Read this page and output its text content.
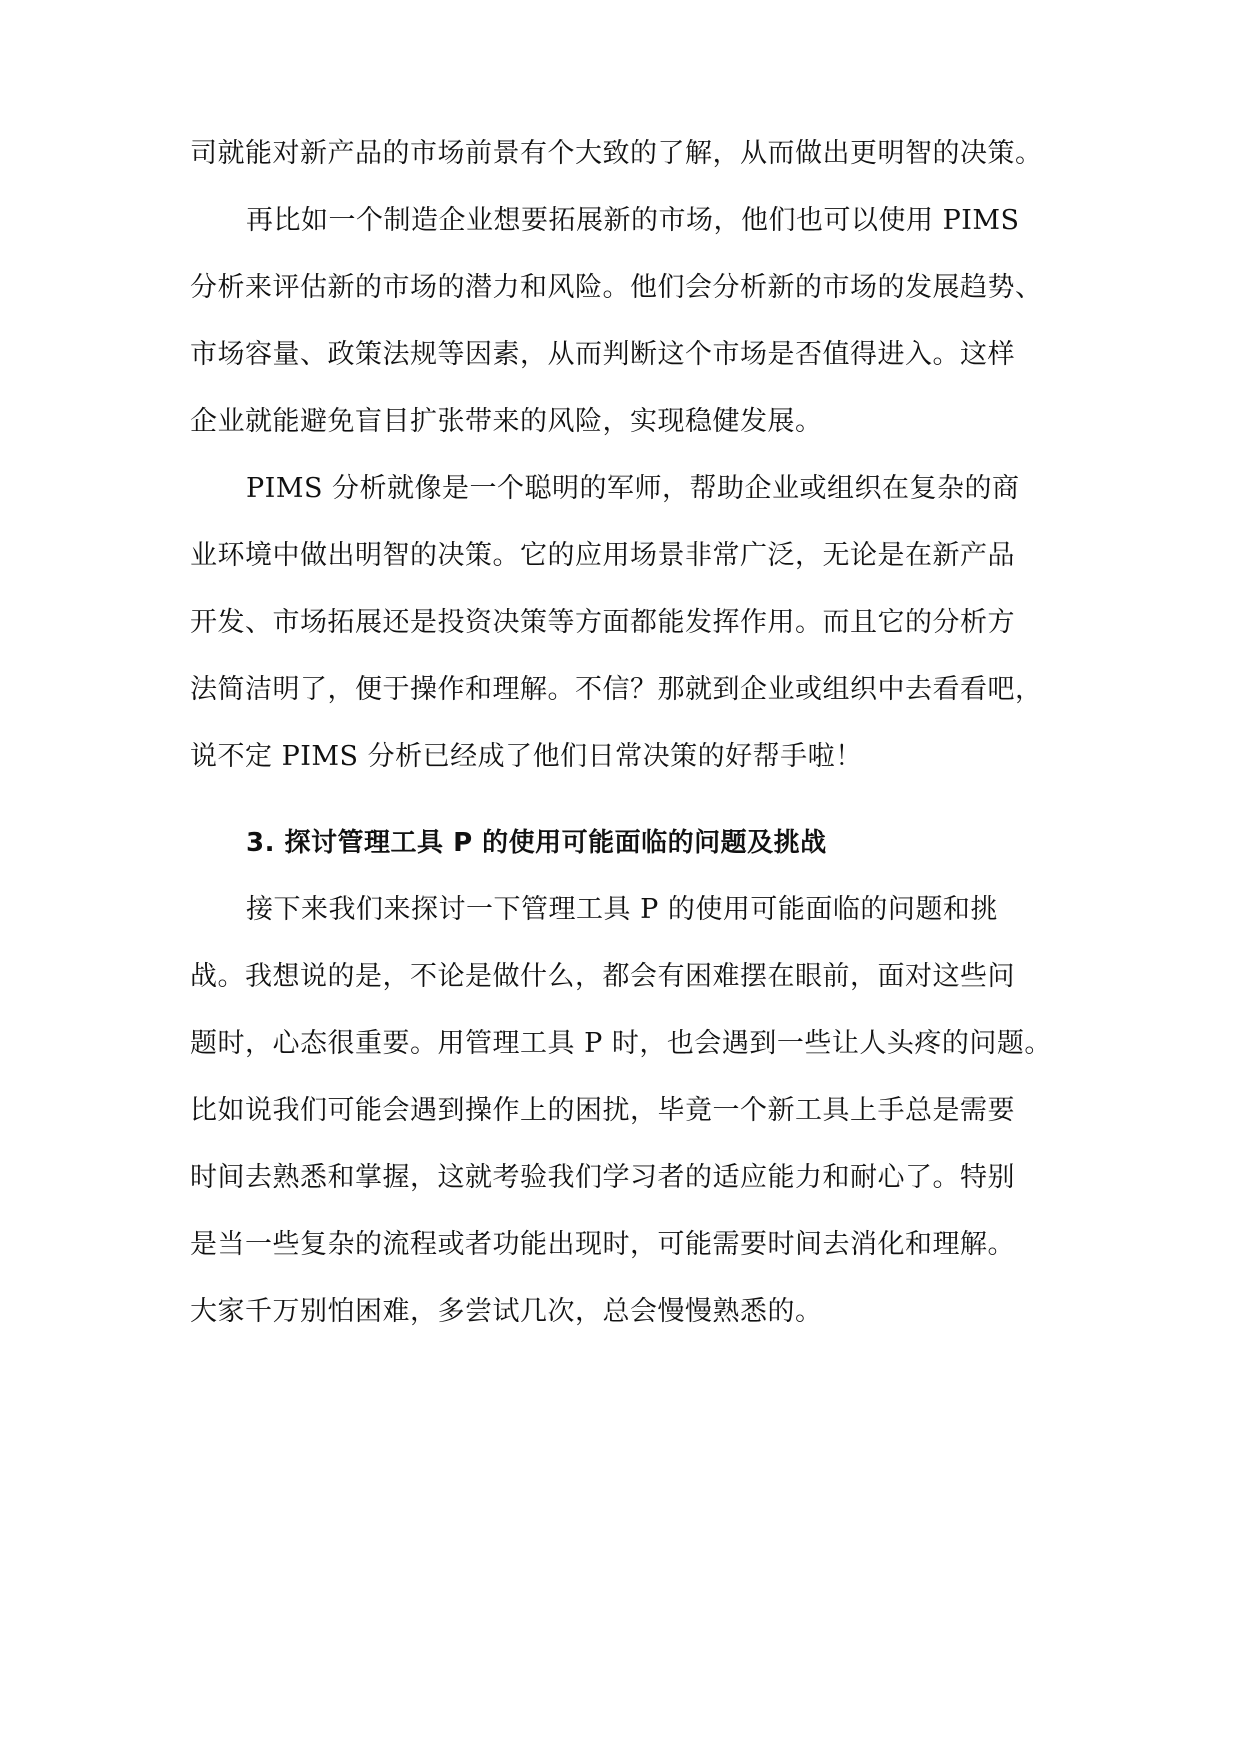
司就能对新产品的市场前景有个大致的了解，从而做出更明智的决策。
再比如一个制造企业想要拓展新的市场，他们也可以使用 PIMS
分析来评估新的市场的潜力和风险。他们会分析新的市场的发展趋势、
市场容量、政策法规等因素，从而判断这个市场是否值得进入。这样
企业就能避免盲目扩张带来的风险，实现稳健发展。
PIMS 分析就像是一个聪明的军师，帮助企业或组织在复杂的商
业环境中做出明智的决策。它的应用场景非常广泛，无论是在新产品
开发、市场拓展还是投资决策等方面都能发挥作用。而且它的分析方
法简洁明了，便于操作和理解。不信？那就到企业或组织中去看看吧，
说不定 PIMS 分析已经成了他们日常决策的好帮手啦！
3. 探讨管理工具 P 的使用可能面临的问题及挑战
接下来我们来探讨一下管理工具 P 的使用可能面临的问题和挑
战。我想说的是，不论是做什么，都会有困难摆在眼前，面对这些问
题时，心态很重要。用管理工具 P 时，也会遇到一些让人头疼的问题。
比如说我们可能会遇到操作上的困扰，毕竟一个新工具上手总是需要
时间去熟悉和掌握，这就考验我们学习者的适应能力和耐心了。特别
是当一些复杂的流程或者功能出现时，可能需要时间去消化和理解。
大家千万别怕困难，多尝试几次，总会慢慢熟悉的。
